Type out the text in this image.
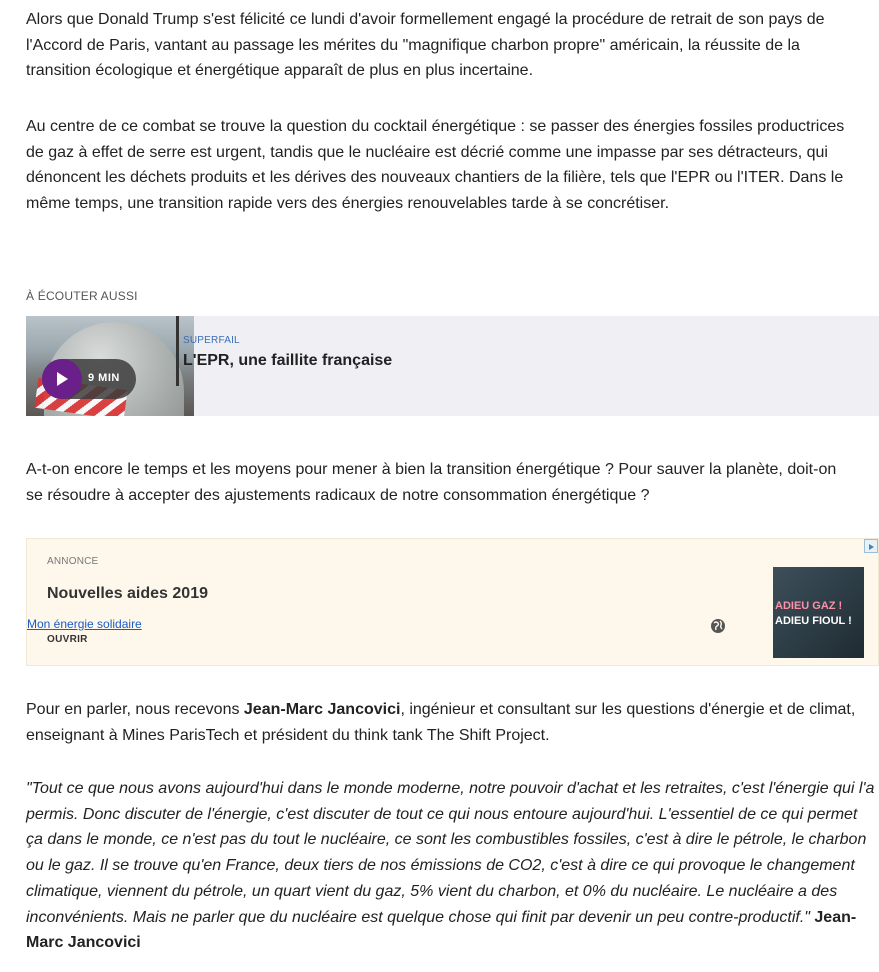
Alors que Donald Trump s'est félicité ce lundi d'avoir formellement engagé la procédure de retrait de son pays de l'Accord de Paris, vantant au passage les mérites du "magnifique charbon propre" américain, la réussite de la transition écologique et énergétique apparaît de plus en plus incertaine.

Au centre de ce combat se trouve la question du cocktail énergétique : se passer des énergies fossiles productrices de gaz à effet de serre est urgent, tandis que le nucléaire est décrié comme une impasse par ses détracteurs, qui dénoncent les déchets produits et les dérives des nouveaux chantiers de la filière, tels que l'EPR ou l'ITER. Dans le même temps, une transition rapide vers des énergies renouvelables tarde à se concrétiser.

À ÉCOUTER AUSSI
9 MIN
SUPERFAIL
L'EPR, une faillite française

A-t-on encore le temps et les moyens pour mener à bien la transition énergétique ? Pour sauver la planète, doit-on se résoudre à accepter des ajustements radicaux de notre consommation énergétique ?

ANNONCE
Nouvelles aides 2019
Mon énergie solidaire
OUVRIR
ADIEU GAZ !
ADIEU FIOUL !

Pour en parler, nous recevons Jean-Marc Jancovici, ingénieur et consultant sur les questions d'énergie et de climat, enseignant à Mines ParisTech et président du think tank The Shift Project.

"Tout ce que nous avons aujourd'hui dans le monde moderne, notre pouvoir d'achat et les retraites, c'est l'énergie qui l'a permis. Donc discuter de l'énergie, c'est discuter de tout ce qui nous entoure aujourd'hui. L'essentiel de ce qui permet ça dans le monde, ce n'est pas du tout le nucléaire, ce sont les combustibles fossiles, c'est à dire le pétrole, le charbon ou le gaz. Il se trouve qu'en France, deux tiers de nos émissions de CO2, c'est à dire ce qui provoque le changement climatique, viennent du pétrole, un quart vient du gaz, 5% vient du charbon, et 0% du nucléaire. Le nucléaire a des inconvénients. Mais ne parler que du nucléaire est quelque chose qui finit par devenir un peu contre-productif." Jean-Marc Jancovici
